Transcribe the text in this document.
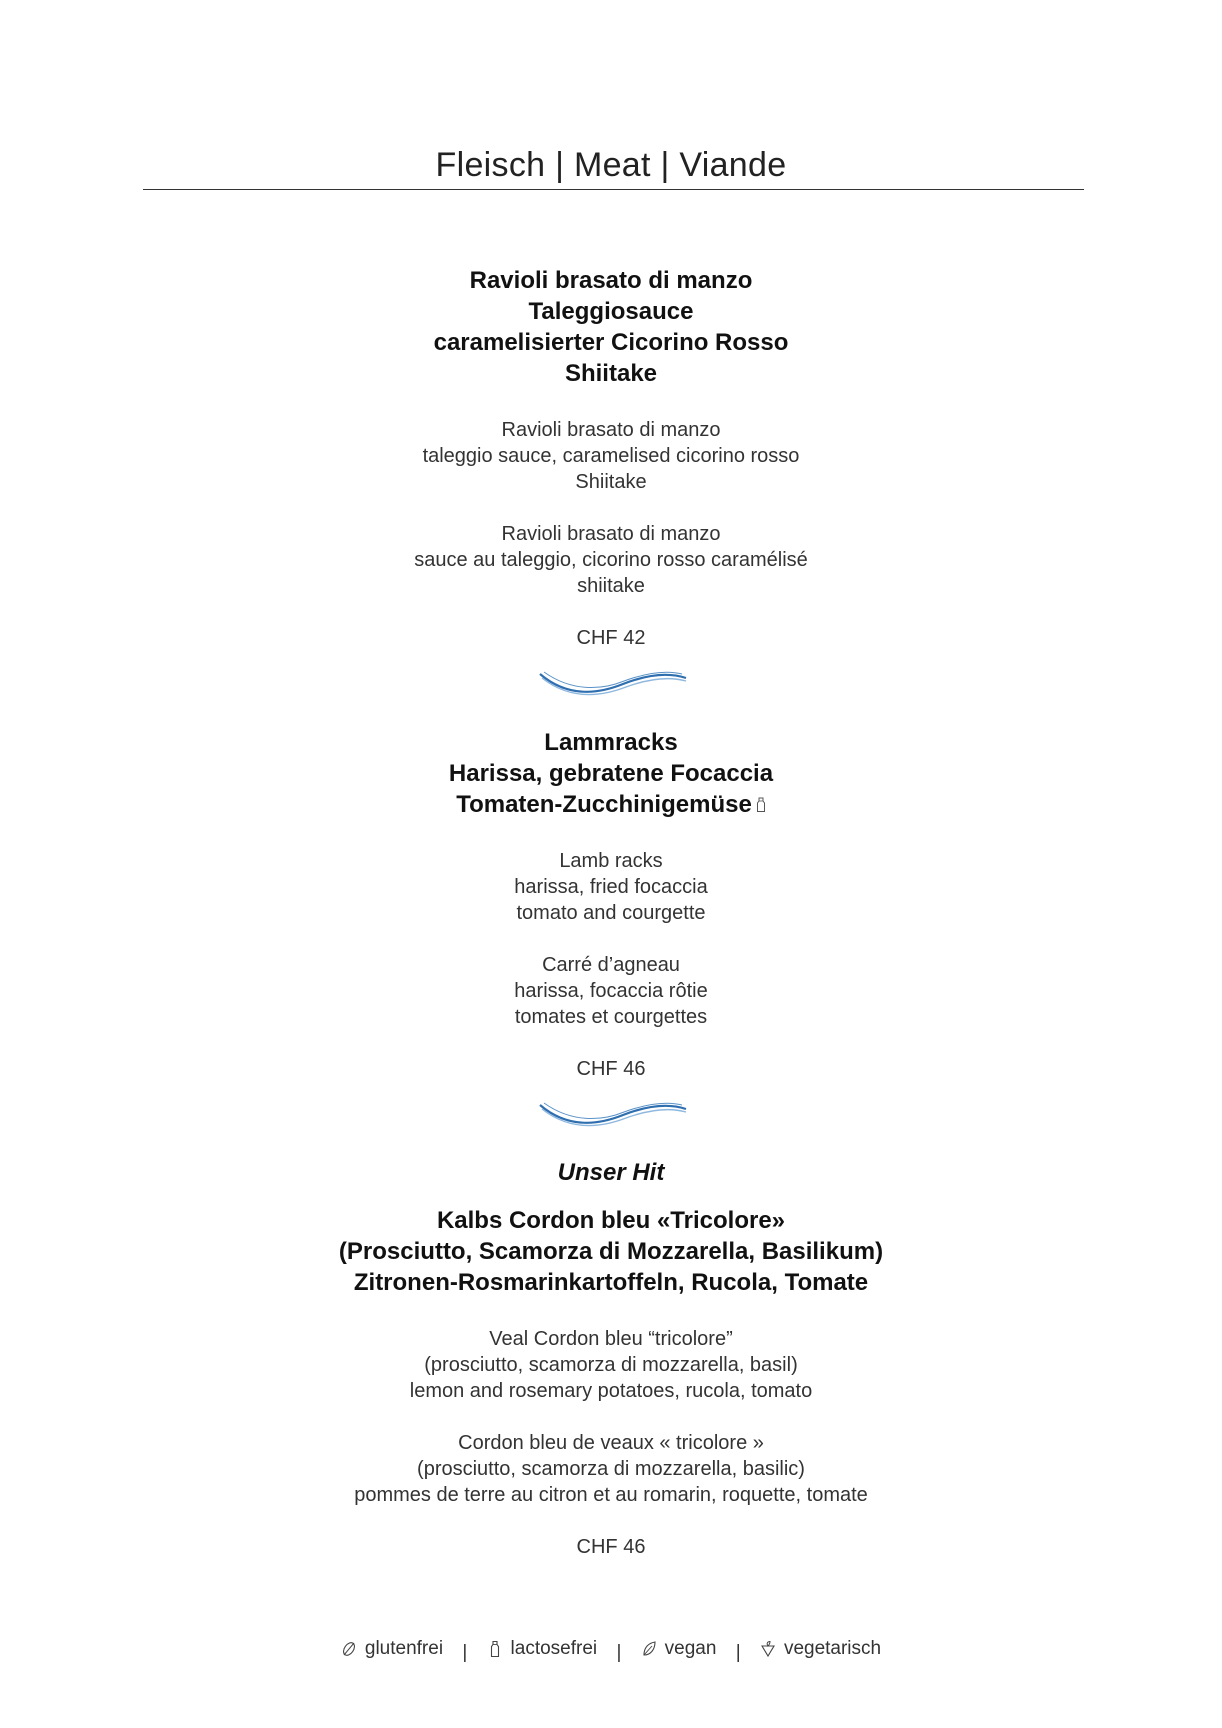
Fleisch | Meat | Viande
Ravioli brasato di manzo
Taleggiosauce
caramelisierter Cicorino Rosso
Shiitake
Ravioli brasato di manzo
taleggio sauce, caramelised cicorino rosso
Shiitake
Ravioli brasato di manzo
sauce au taleggio, cicorino rosso caramélisé
shiitake
CHF 42
Lammracks
Harissa, gebratene Focaccia
Tomaten-Zucchinigemüse
Lamb racks
harissa, fried focaccia
tomato and courgette
Carré d’agneau
harissa, focaccia rôtie
tomates et courgettes
CHF 46
Unser Hit
Kalbs Cordon bleu «Tricolore»
(Prosciutto, Scamorza di Mozzarella, Basilikum)
Zitronen-Rosmarinkartoffeln, Rucola, Tomate
Veal Cordon bleu “tricolore”
(prosciutto, scamorza di mozzarella, basil)
lemon and rosemary potatoes, rucola, tomato
Cordon bleu de veaux « tricolore »
(prosciutto, scamorza di mozzarella, basilic)
pommes de terre au citron et au romarin, roquette, tomate
CHF 46
glutenfrei | lactosefrei | vegan | vegetarisch
